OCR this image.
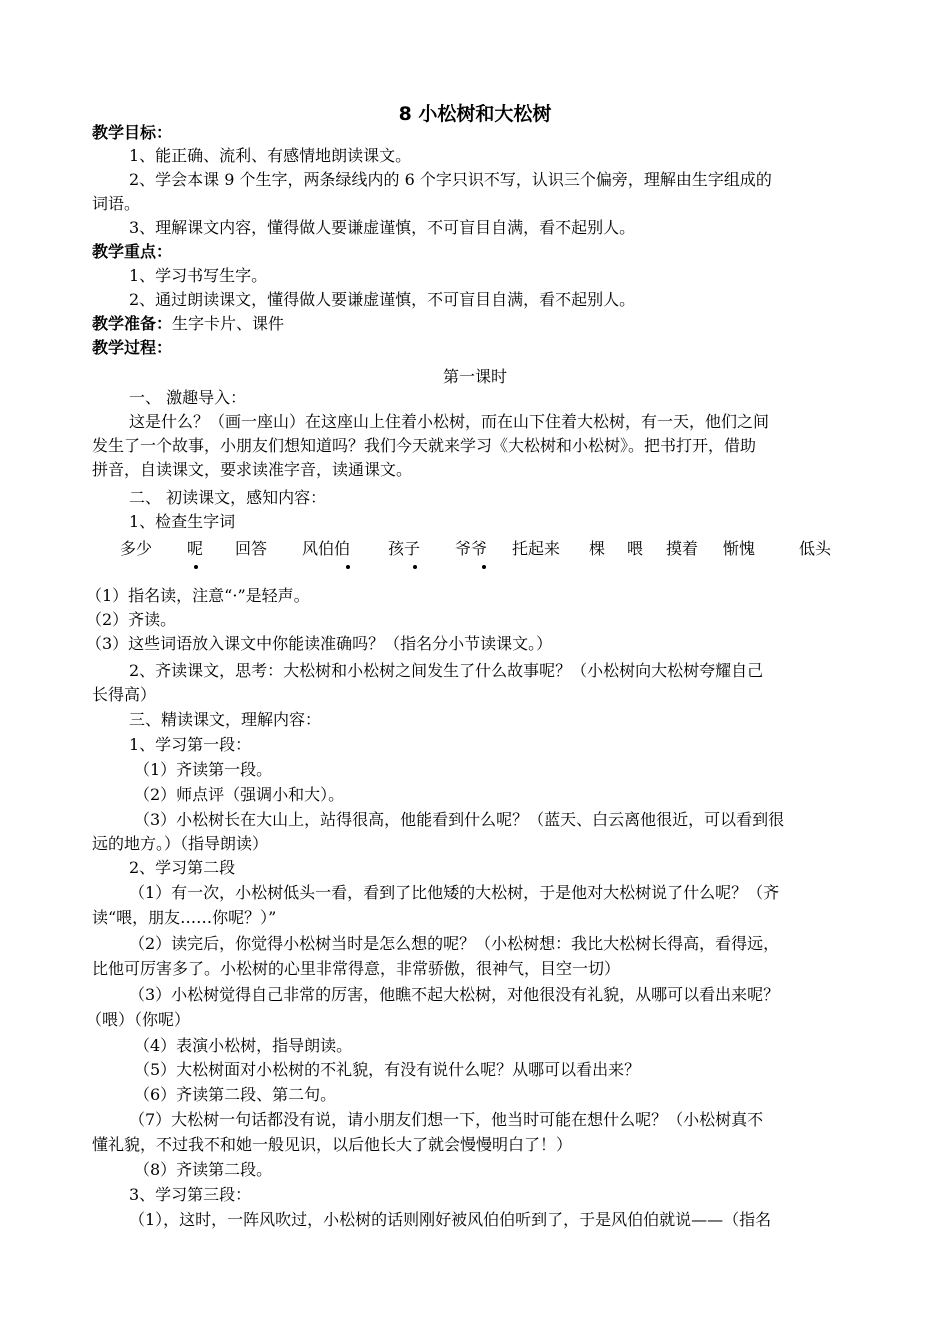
8 小松树和大松树
教学目标：
1、能正确、流利、有感情地朗读课文。
2、学会本课 9 个生字，两条绿线内的 6 个字只识不写，认识三个偏旁，理解由生字组成的
词语。
3、理解课文内容，懂得做人要谦虚谨慎，不可盲目自满，看不起别人。
教学重点：
1、学习书写生字。
2、通过朗读课文，懂得做人要谦虚谨慎，不可盲目自满，看不起别人。
教学准备：生字卡片、课件
教学过程：
第一课时
一、 激趣导入：
这是什么？（画一座山）在这座山上住着小松树，而在山下住着大松树，有一天，他们之间
发生了一个故事，小朋友们想知道吗？我们今天就来学习《大松树和小松树》。把书打开，借助
拼音，自读课文，要求读准字音，读通课文。
二、 初读课文，感知内容：
1、检查生字词
多少 呢 回答 风伯伯 孩子 爷爷 托起来 棵 喂 摸着 惭愧	低头
（1）指名读，注意“·”是轻声。
（2）齐读。
（3）这些词语放入课文中你能读准确吗？（指名分小节读课文。）
2、齐读课文，思考：大松树和小松树之间发生了什么故事呢？（小松树向大松树夸耀自己
长得高）
三、精读课文，理解内容：
1、学习第一段：
（1）齐读第一段。
（2）师点评（强调小和大）。
（3）小松树长在大山上，站得很高，他能看到什么呢？（蓝天、白云离他很近，可以看到很
远的地方。）（指导朗读）
2、学习第二段
（1）有一次，小松树低头一看，看到了比他矮的大松树，于是他对大松树说了什么呢？（齐
读“喂，朋友……你呢？）”
（2）读完后，你觉得小松树当时是怎么想的呢？（小松树想：我比大松树长得高，看得远，
比他可厉害多了。小松树的心里非常得意，非常骄傲，很神气，目空一切）
（3）小松树觉得自己非常的厉害，他瞧不起大松树，对他很没有礼貌，从哪可以看出来呢？
（喂）（你呢）
（4）表演小松树，指导朗读。
（5）大松树面对小松树的不礼貌，有没有说什么呢？从哪可以看出来？
（6）齐读第二段、第二句。
（7）大松树一句话都没有说，请小朋友们想一下，他当时可能在想什么呢？（小松树真不
懂礼貌，不过我不和她一般见识，以后他长大了就会慢慢明白了！）
（8）齐读第二段。
3、学习第三段：
（1），这时，一阵风吹过，小松树的话则刚好被风伯伯听到了，于是风伯伯就说——（指名
